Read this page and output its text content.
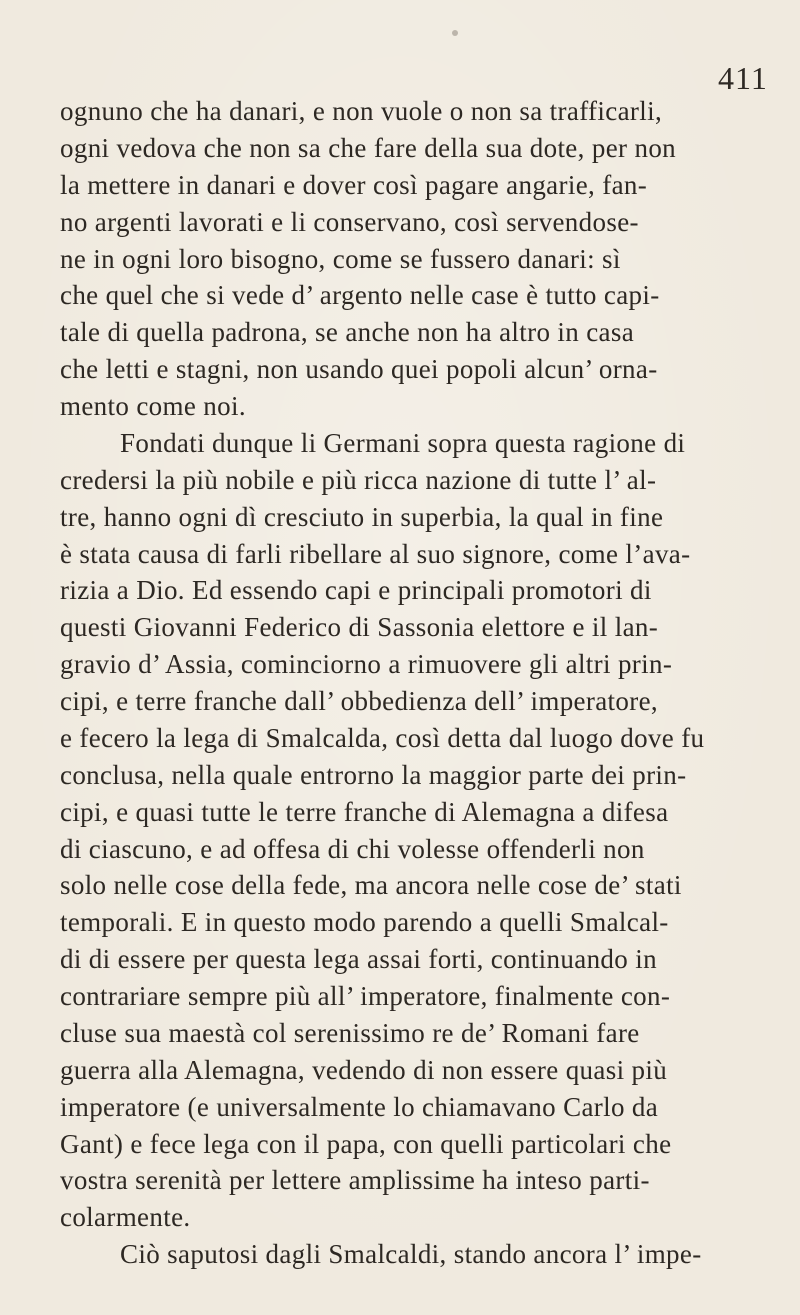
411
ognuno che ha danari, e non vuole o non sa trafficarli,
ogni vedova che non sa che fare della sua dote, per non
la mettere in danari e dover così pagare angarie, fan-
no argenti lavorati e li conservano, così servendose-
ne in ogni loro bisogno, come se fussero danari: sì
che quel che si vede d’ argento nelle case è tutto capi-
tale di quella padrona, se anche non ha altro in casa
che letti e stagni, non usando quei popoli alcun’ orna-
mento come noi.
Fondati dunque li Germani sopra questa ragione di
credersi la più nobile e più ricca nazione di tutte l’ al-
tre, hanno ogni dì cresciuto in superbia, la qual in fine
è stata causa di farli ribellare al suo signore, come l’ava-
rizia a Dio. Ed essendo capi e principali promotori di
questi Giovanni Federico di Sassonia elettore e il lan-
gravio d’ Assia, cominciorno a rimuovere gli altri prin-
cipi, e terre franche dall’ obbedienza dell’ imperatore,
e fecero la lega di Smalcalda, così detta dal luogo dove fu
conclusa, nella quale entrorno la maggior parte dei prin-
cipi, e quasi tutte le terre franche di Alemagna a difesa
di ciascuno, e ad offesa di chi volesse offenderli non
solo nelle cose della fede, ma ancora nelle cose de’ stati
temporali. E in questo modo parendo a quelli Smalcal-
di di essere per questa lega assai forti, continuando in
contrariare sempre più all’ imperatore, finalmente con-
cluse sua maestà col serenissimo re de’ Romani fare
guerra alla Alemagna, vedendo di non essere quasi più
imperatore (e universalmente lo chiamavano Carlo da
Gant) e fece lega con il papa, con quelli particolari che
vostra serenità per lettere amplissime ha inteso parti-
colarmente.
Ciò saputosi dagli Smalcaldi, stando ancora l’ impe-
